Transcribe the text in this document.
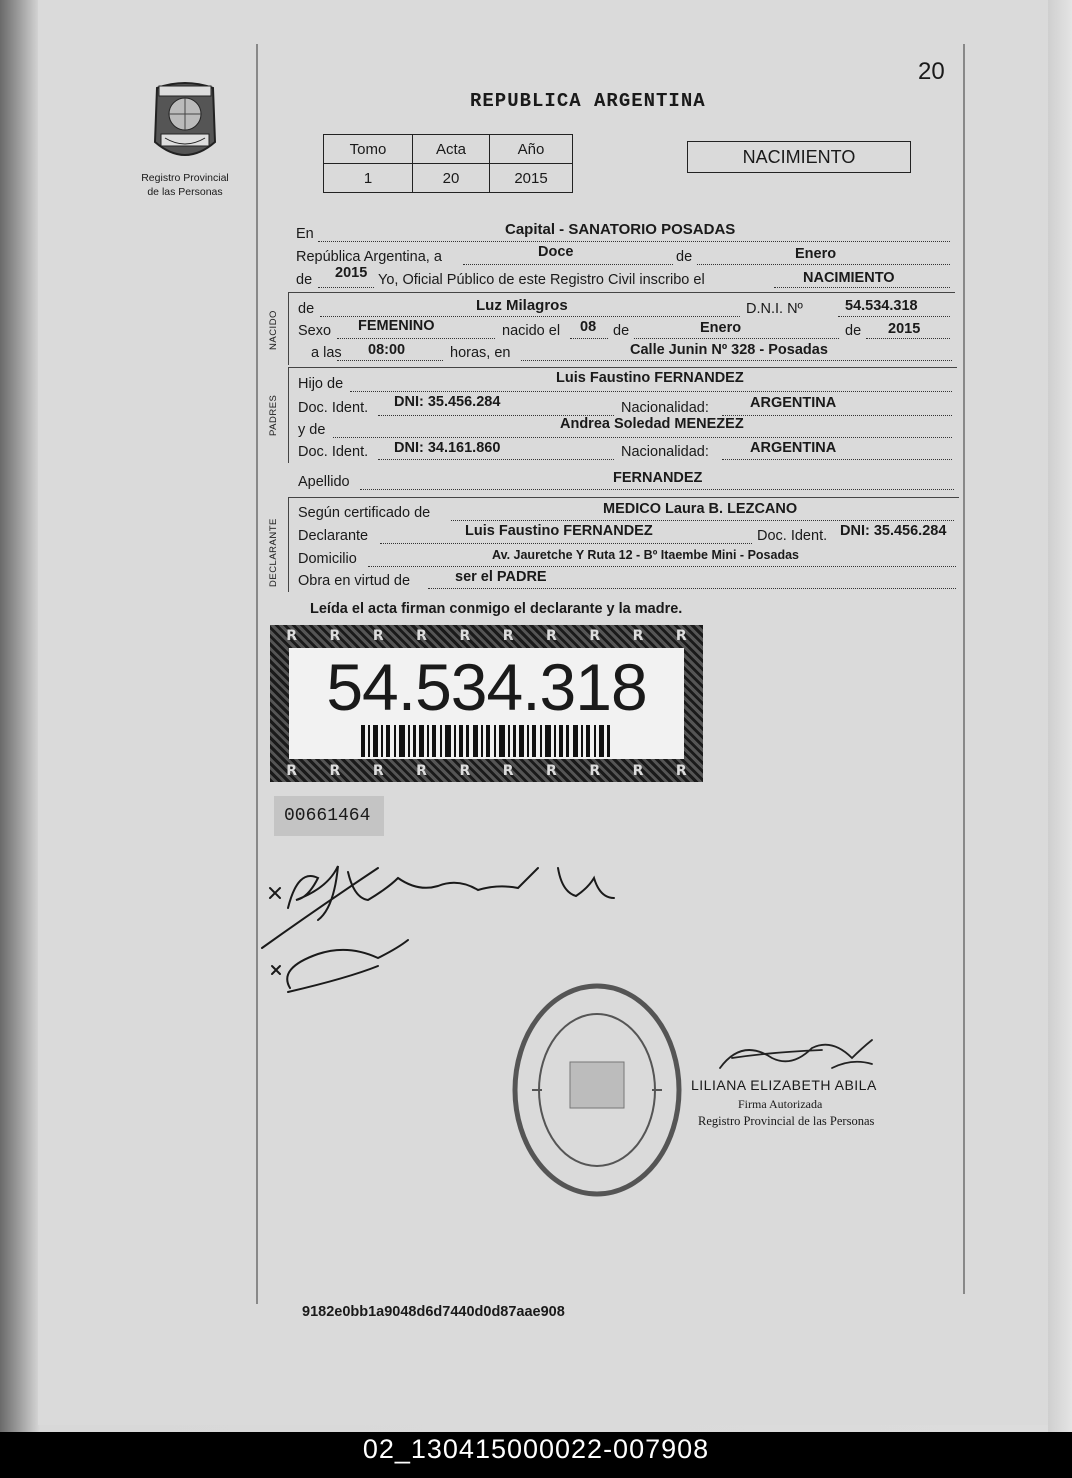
20
REPUBLICA ARGENTINA
Registro Provincial
de las Personas
Tomo	Acta	Año
1	20	2015
NACIMIENTO
En	Capital - SANATORIO POSADAS
República Argentina, a	Doce	de	Enero
de 2015 Yo, Oficial Público de este Registro Civil inscribo el	NACIMIENTO
NACIDO
de	Luz Milagros	D.N.I. Nº	54.534.318
Sexo FEMENINO	nacido el 08 de	Enero	de 2015
a las 08:00	horas, en	Calle Junin Nº 328 - Posadas
PADRES
Hijo de	Luis Faustino FERNANDEZ
Doc. Ident. DNI: 35.456.284	Nacionalidad:	ARGENTINA
y de	Andrea Soledad MENEZEZ
Doc. Ident. DNI: 34.161.860	Nacionalidad:	ARGENTINA
Apellido	FERNANDEZ
DECLARANTE
Según certificado de	MEDICO Laura B. LEZCANO
Declarante	Luis Faustino FERNANDEZ	Doc. Ident. DNI: 35.456.284
Domicilio	Av. Jauretche Y Ruta 12 - Bº Itaembe Mini - Posadas
Obra en virtud de	ser el PADRE
Leída el acta firman conmigo el declarante y la madre.
R R R R R R R R R R
R R R R R R R R R R
54.534.318
00661464
LILIANA ELIZABETH ABILA
Firma Autorizada
Registro Provincial de las Personas
9182e0bb1a9048d6d7440d0d87aae908
02_130415000022-007908
